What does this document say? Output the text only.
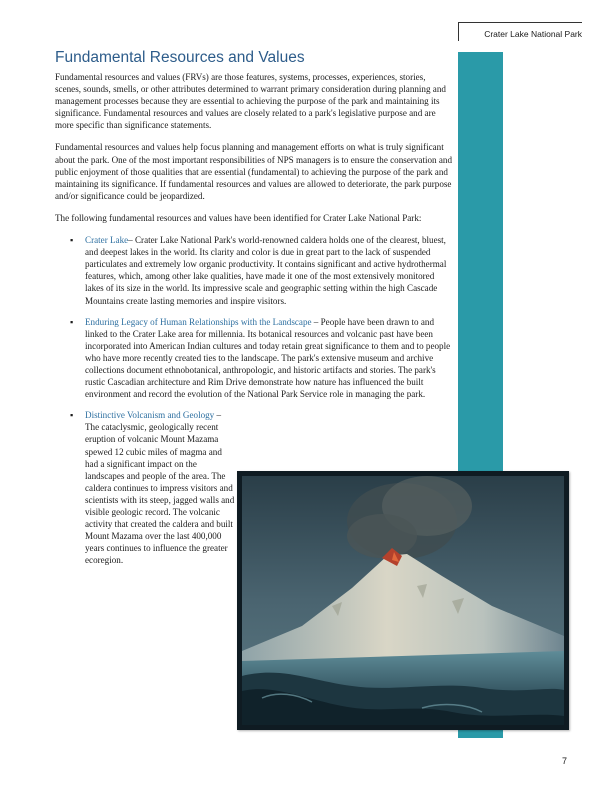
Crater Lake National Park
Fundamental Resources and Values

Fundamental resources and values (FRVs) are those features, systems, processes, experiences, stories, scenes, sounds, smells, or other attributes determined to warrant primary consideration during planning and management processes because they are essential to achieving the purpose of the park and maintaining its significance. Fundamental resources and values are closely related to a park's legislative purpose and are more specific than significance statements.

Fundamental resources and values help focus planning and management efforts on what is truly significant about the park. One of the most important responsibilities of NPS managers is to ensure the conservation and public enjoyment of those qualities that are essential (fundamental) to achieving the purpose of the park and maintaining its significance. If fundamental resources and values are allowed to deteriorate, the park purpose and/or significance could be jeopardized.

The following fundamental resources and values have been identified for Crater Lake National Park:

▪ Crater Lake– Crater Lake National Park's world-renowned caldera holds one of the clearest, bluest, and deepest lakes in the world. Its clarity and color is due in great part to the lack of suspended particulates and extremely low organic productivity. It contains significant and active hydrothermal features, which, among other lake qualities, have made it one of the most extensively monitored lakes of its size in the world. Its impressive scale and geographic setting within the high Cascade Mountains create lasting memories and inspire visitors.
▪ Enduring Legacy of Human Relationships with the Landscape – People have been drawn to and linked to the Crater Lake area for millennia. Its botanical resources and volcanic past have been incorporated into American Indian cultures and today retain great significance to them and to people who have more recently created ties to the landscape. The park's extensive museum and archive collections document ethnobotanical, anthropologic, and historic artifacts and stories. The park's rustic Cascadian architecture and Rim Drive demonstrate how nature has influenced the built environment and record the evolution of the National Park Service role in managing the park.
▪ Distinctive Volcanism and Geology – The cataclysmic, geologically recent eruption of volcanic Mount Mazama spewed 12 cubic miles of magma and had a significant impact on the landscapes and people of the area. The caldera continues to impress visitors and scientists with its steep, jagged walls and visible geologic record. The volcanic activity that created the caldera and built Mount Mazama over the last 400,000 years continues to influence the greater ecoregion.
7
